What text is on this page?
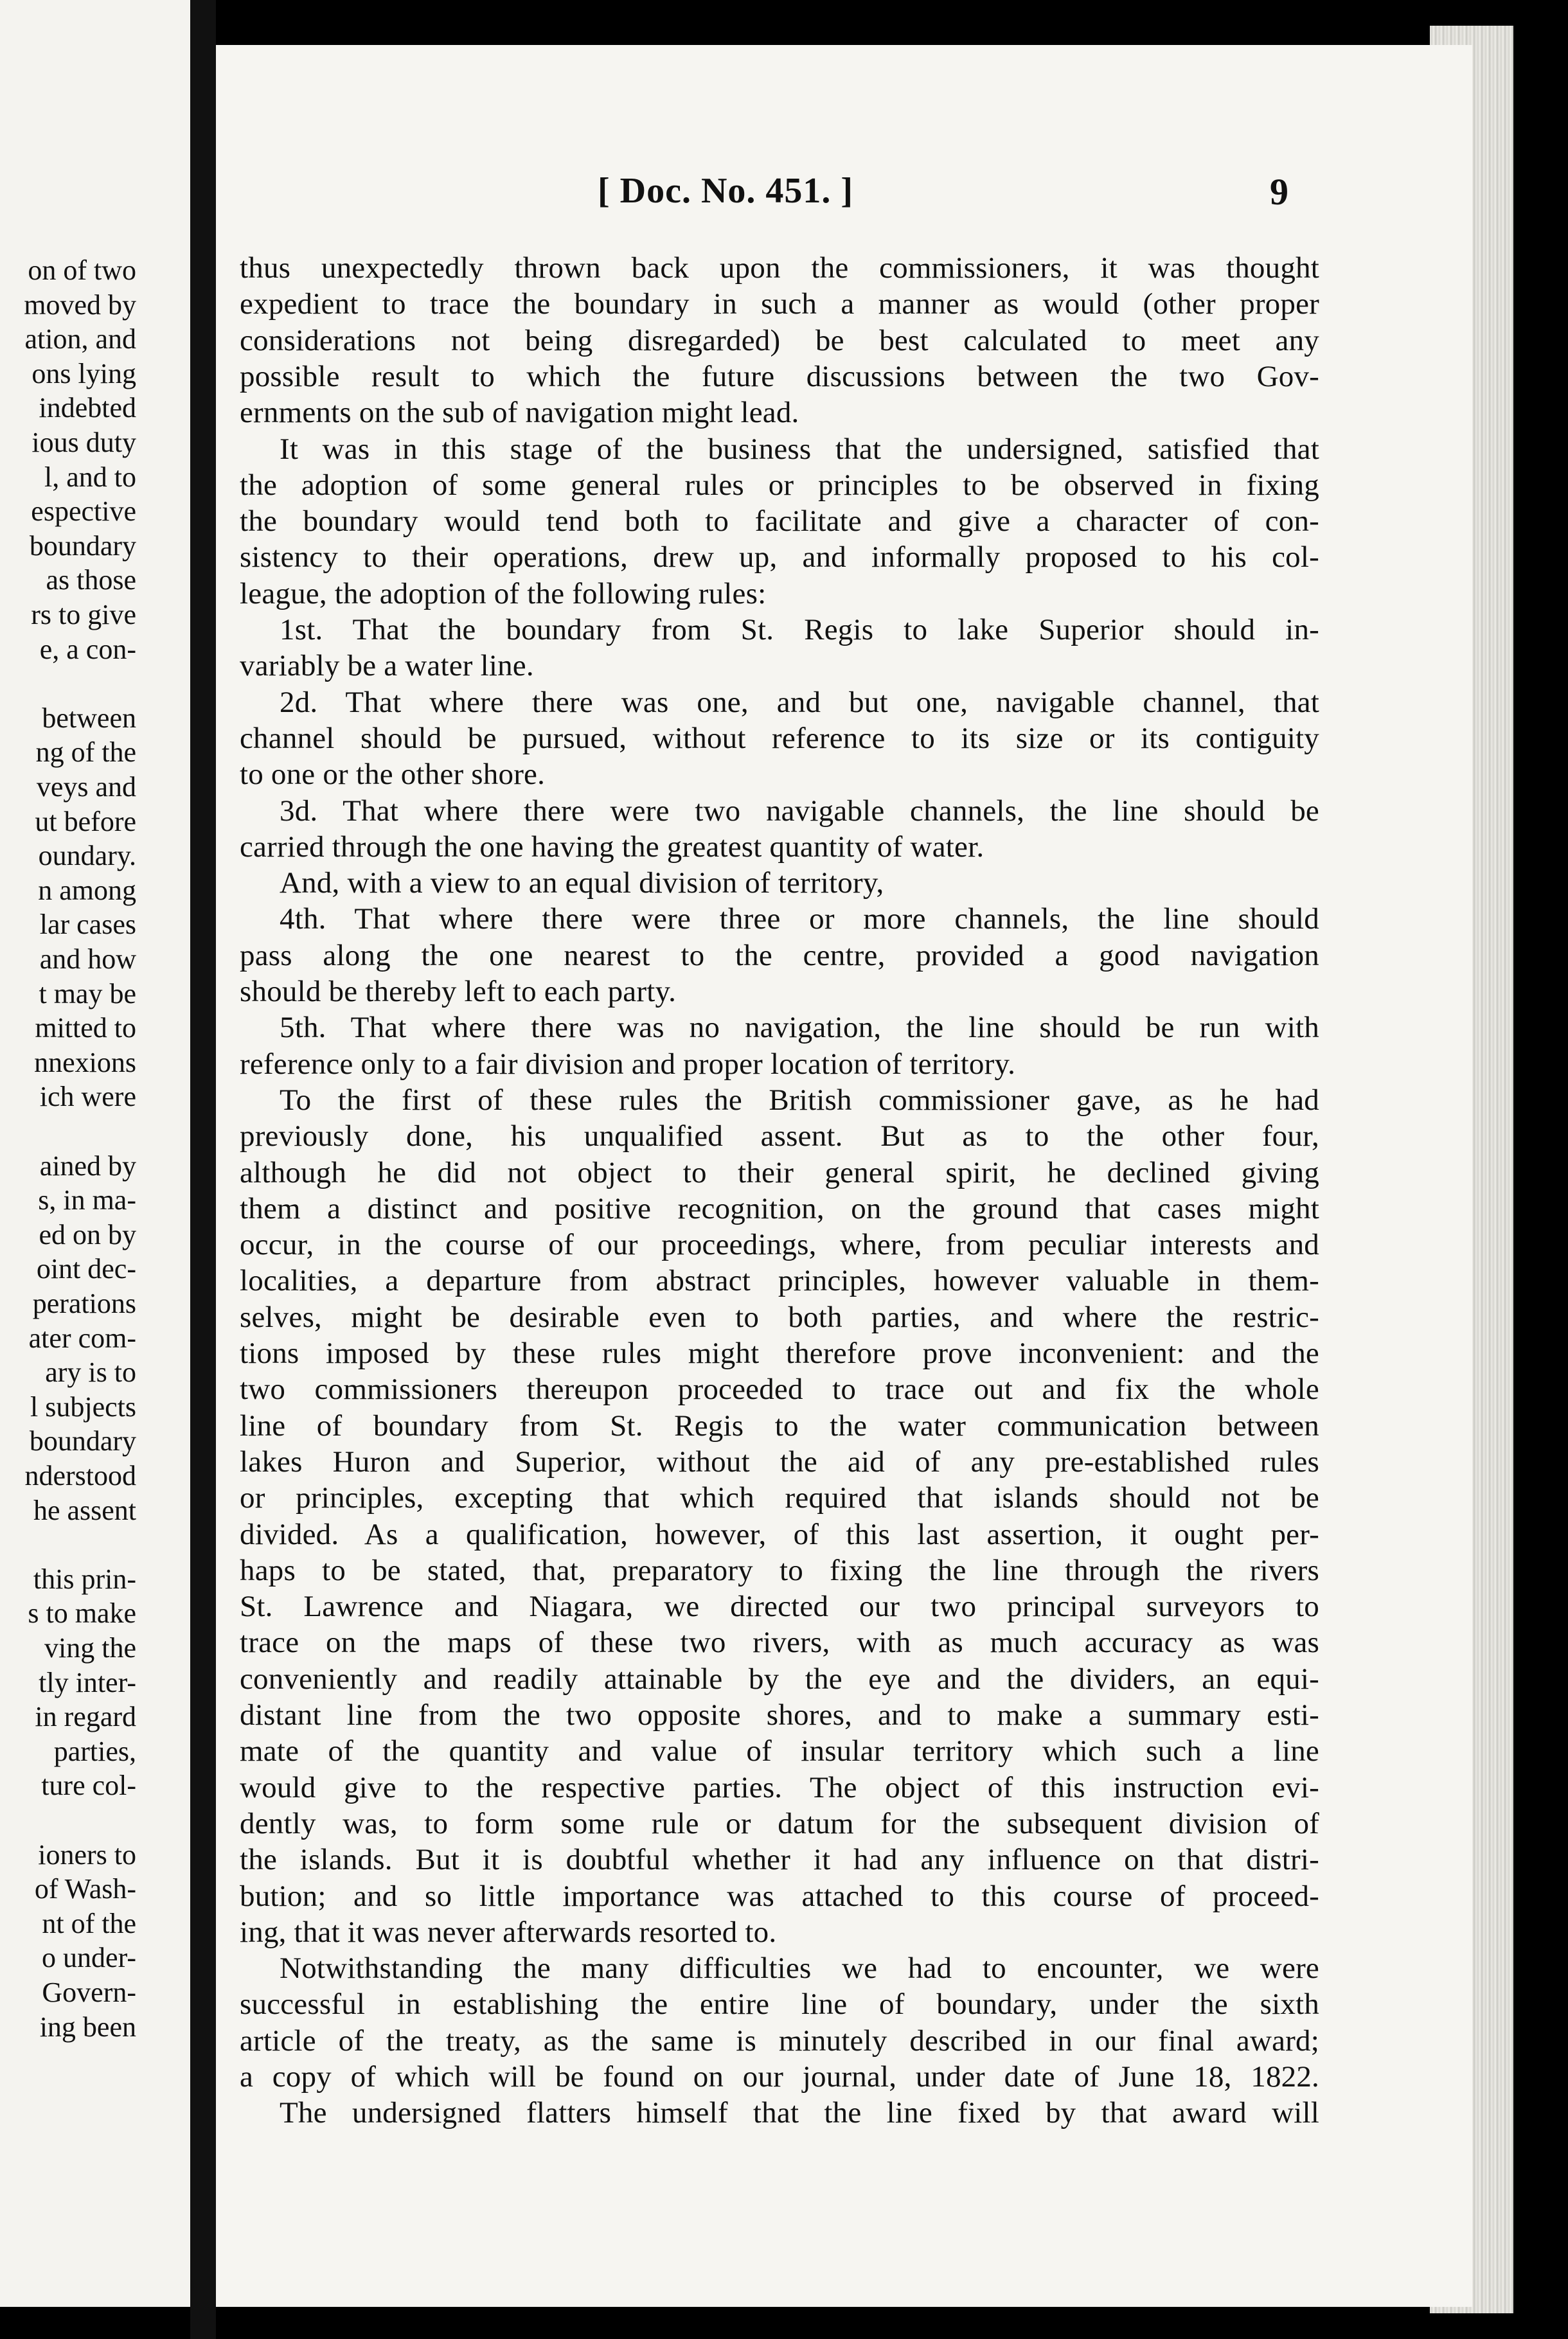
on of two
moved by
ation, and
ons lying
indebted
ious duty
l, and to
espective
boundary
as those
rs to give
e, a con-
between
ng of the
veys and
ut before
oundary.
n among
lar cases
and how
t may be
mitted to
nnexions
ich were
ained by
s, in ma-
ed on by
oint dec-
perations
ater com-
ary is to
l subjects
boundary
nderstood
he assent
this prin-
s to make
ving the
tly inter-
in regard
parties,
ture col-
ioners to
of Wash-
nt of the
o under-
Govern-
ing been
[ Doc. No. 451. ]	9
thus unexpectedly thrown back upon the commissioners, it was thought
expedient to trace the boundary in such a manner as would (other proper
considerations not being disregarded) be best calculated to meet any
possible result to which the future discussions between the two Gov-
ernments on the sub of navigation might lead.
It was in this stage of the business that the undersigned, satisfied that
the adoption of some general rules or principles to be observed in fixing
the boundary would tend both to facilitate and give a character of con-
sistency to their operations, drew up, and informally proposed to his col-
league, the adoption of the following rules:
1st. That the boundary from St. Regis to lake Superior should in-
variably be a water line.
2d. That where there was one, and but one, navigable channel, that
channel should be pursued, without reference to its size or its contiguity
to one or the other shore.
3d. That where there were two navigable channels, the line should be
carried through the one having the greatest quantity of water.
And, with a view to an equal division of territory,
4th. That where there were three or more channels, the line should
pass along the one nearest to the centre, provided a good navigation
should be thereby left to each party.
5th. That where there was no navigation, the line should be run with
reference only to a fair division and proper location of territory.
To the first of these rules the British commissioner gave, as he had
previously done, his unqualified assent. But as to the other four,
although he did not object to their general spirit, he declined giving
them a distinct and positive recognition, on the ground that cases might
occur, in the course of our proceedings, where, from peculiar interests and
localities, a departure from abstract principles, however valuable in them-
selves, might be desirable even to both parties, and where the restric-
tions imposed by these rules might therefore prove inconvenient: and the
two commissioners thereupon proceeded to trace out and fix the whole
line of boundary from St. Regis to the water communication between
lakes Huron and Superior, without the aid of any pre-established rules
or principles, excepting that which required that islands should not be
divided. As a qualification, however, of this last assertion, it ought per-
haps to be stated, that, preparatory to fixing the line through the rivers
St. Lawrence and Niagara, we directed our two principal surveyors to
trace on the maps of these two rivers, with as much accuracy as was
conveniently and readily attainable by the eye and the dividers, an equi-
distant line from the two opposite shores, and to make a summary esti-
mate of the quantity and value of insular territory which such a line
would give to the respective parties. The object of this instruction evi-
dently was, to form some rule or datum for the subsequent division of
the islands. But it is doubtful whether it had any influence on that distri-
bution; and so little importance was attached to this course of proceed-
ing, that it was never afterwards resorted to.
Notwithstanding the many difficulties we had to encounter, we were
successful in establishing the entire line of boundary, under the sixth
article of the treaty, as the same is minutely described in our final award;
a copy of which will be found on our journal, under date of June 18, 1822.
The undersigned flatters himself that the line fixed by that award will
